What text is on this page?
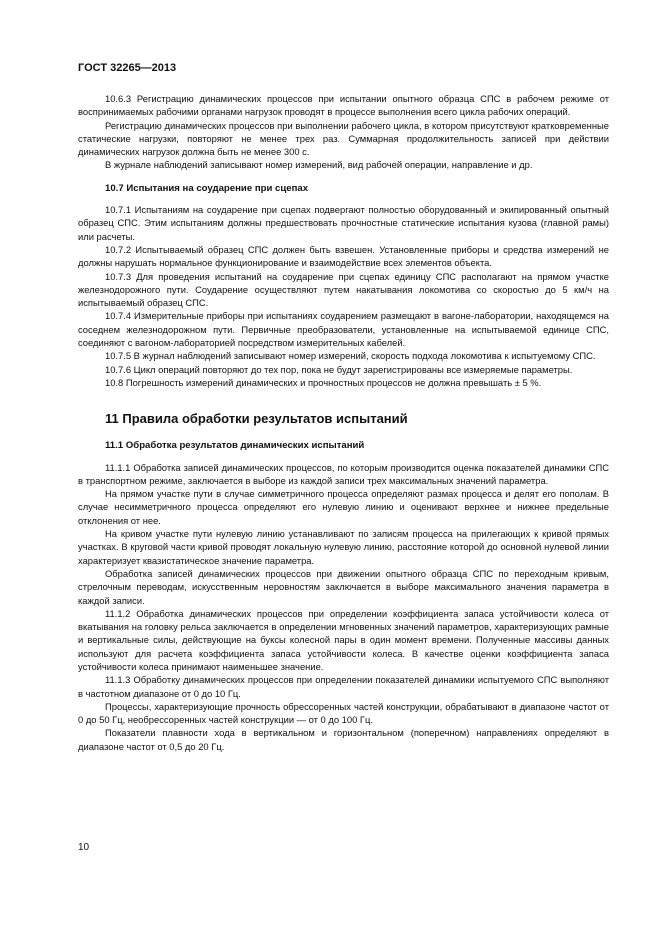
ГОСТ 32265—2013

10.6.3 Регистрацию динамических процессов при испытании опытного образца СПС в рабочем режиме от воспринимаемых рабочими органами нагрузок проводят в процессе выполнения всего цикла рабочих операций.

Регистрацию динамических процессов при выполнении рабочего цикла, в котором присутствуют кратковременные статические нагрузки, повторяют не менее трех раз. Суммарная продолжительность записей при действии динамических нагрузок должна быть не менее 300 с.

В журнале наблюдений записывают номер измерений, вид рабочей операции, направление и др.

10.7 Испытания на соударение при сцепах

10.7.1 Испытаниям на соударение при сцепах подвергают полностью оборудованный и экипированный опытный образец СПС. Этим испытаниям должны предшествовать прочностные статические испытания кузова (главной рамы) или расчеты.

10.7.2 Испытываемый образец СПС должен быть взвешен. Установленные приборы и средства измерений не должны нарушать нормальное функционирование и взаимодействие всех элементов объекта.

10.7.3 Для проведения испытаний на соударение при сцепах единицу СПС располагают на прямом участке железнодорожного пути. Соударение осуществляют путем накатывания локомотива со скоростью до 5 км/ч на испытываемый образец СПС.

10.7.4 Измерительные приборы при испытаниях соударением размещают в вагоне-лаборатории, находящемся на соседнем железнодорожном пути. Первичные преобразователи, установленные на испытываемой единице СПС, соединяют с вагоном-лабораторией посредством измерительных кабелей.

10.7.5 В журнал наблюдений записывают номер измерений, скорость подхода локомотива к испытуемому СПС.

10.7.6 Цикл операций повторяют до тех пор, пока не будут зарегистрированы все измеряемые параметры.

10.8 Погрешность измерений динамических и прочностных процессов не должна превышать ± 5 %.

11 Правила обработки результатов испытаний

11.1 Обработка результатов динамических испытаний

11.1.1 Обработка записей динамических процессов, по которым производится оценка показателей динамики СПС в транспортном режиме, заключается в выборе из каждой записи трех максимальных значений параметра.

На прямом участке пути в случае симметричного процесса определяют размах процесса и делят его пополам. В случае несимметричного процесса определяют его нулевую линию и оценивают верхнее и нижнее предельные отклонения от нее.

На кривом участке пути нулевую линию устанавливают по записям процесса на прилегающих к кривой прямых участках. В круговой части кривой проводят локальную нулевую линию, расстояние которой до основной нулевой линии характеризует квазистатическое значение параметра.

Обработка записей динамических процессов при движении опытного образца СПС по переходным кривым, стрелочным переводам, искусственным неровностям заключается в выборе максимального значения параметра в каждой записи.

11.1.2 Обработка динамических процессов при определении коэффициента запаса устойчивости колеса от вкатывания на головку рельса заключается в определении мгновенных значений параметров, характеризующих рамные и вертикальные силы, действующие на буксы колесной пары в один момент времени. Полученные массивы данных используют для расчета коэффициента запаса устойчивости колеса. В качестве оценки коэффициента запаса устойчивости колеса принимают наименьшее значение.

11.1.3 Обработку динамических процессов при определении показателей динамики испытуемого СПС выполняют в частотном диапазоне от 0 до 10 Гц.

Процессы, характеризующие прочность обрессоренных частей конструкции, обрабатывают в диапазоне частот от 0 до 50 Гц, необрессоренных частей конструкции — от 0 до 100 Гц.

Показатели плавности хода в вертикальном и горизонтальном (поперечном) направлениях определяют в диапазоне частот от 0,5 до 20 Гц.

10
